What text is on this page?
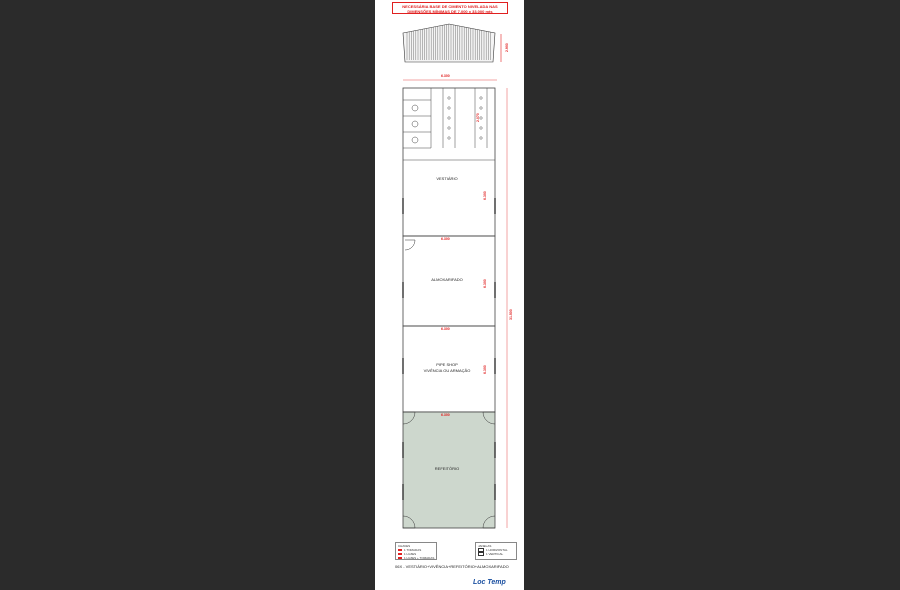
NECESSÁRIA BASE DE CIMENTO NIVELADA NAS
DIMENSÕES MÍNIMAS DE 7.000 x 33.000 mts
2.900
6.300
31.500
2.070
6.300
6.300
6.300
6.300
6.300
6.300
VESTIÁRIO
ALMOXARIFADO
PIPE SHOP
VIVÊNCIA OU ARMAÇÃO
REFEITÓRIO
CHAVES
1 TOMADAS
1 LUZES
1 LUZES + TOMADAS
JANELAS
1 HORIZONTAL
1 VERTICAL
06X - VESTIÁRIO+VIVÊNCIA+REFEITÓRIO+ALMOXARIFADO
Loc Temp
